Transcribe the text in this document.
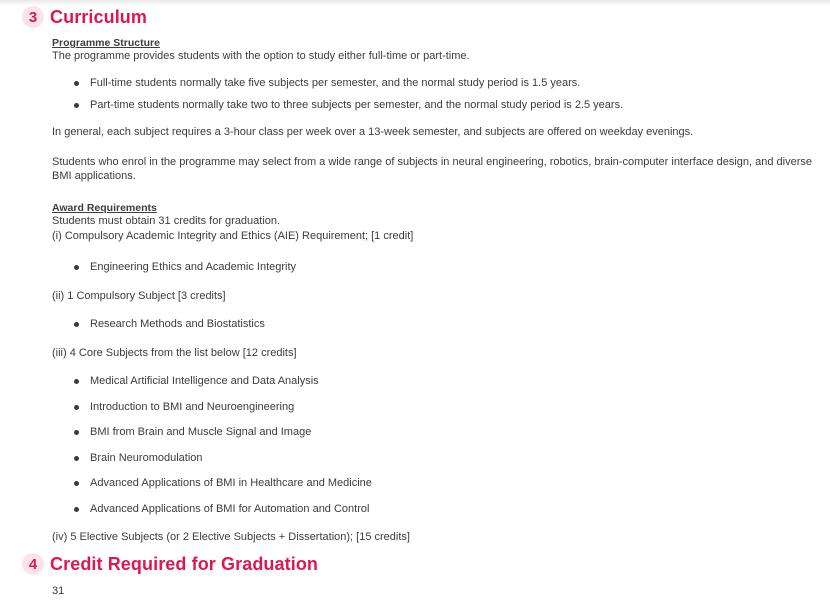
3 Curriculum
Programme Structure
The programme provides students with the option to study either full-time or part-time.
Full-time students normally take five subjects per semester, and the normal study period is 1.5 years.
Part-time students normally take two to three subjects per semester, and the normal study period is 2.5 years.
In general, each subject requires a 3-hour class per week over a 13-week semester, and subjects are offered on weekday evenings.
Students who enrol in the programme may select from a wide range of subjects in neural engineering, robotics, brain-computer interface design, and diverse BMI applications.
Award Requirements
Students must obtain 31 credits for graduation.
(i) Compulsory Academic Integrity and Ethics (AIE) Requirement; [1 credit]
Engineering Ethics and Academic Integrity
(ii) 1 Compulsory Subject [3 credits]
Research Methods and Biostatistics
(iii) 4 Core Subjects from the list below [12 credits]
Medical Artificial Intelligence and Data Analysis
Introduction to BMI and Neuroengineering
BMI from Brain and Muscle Signal and Image
Brain Neuromodulation
Advanced Applications of BMI in Healthcare and Medicine
Advanced Applications of BMI for Automation and Control
(iv) 5 Elective Subjects (or 2 Elective Subjects + Dissertation); [15 credits]
4 Credit Required for Graduation
31
